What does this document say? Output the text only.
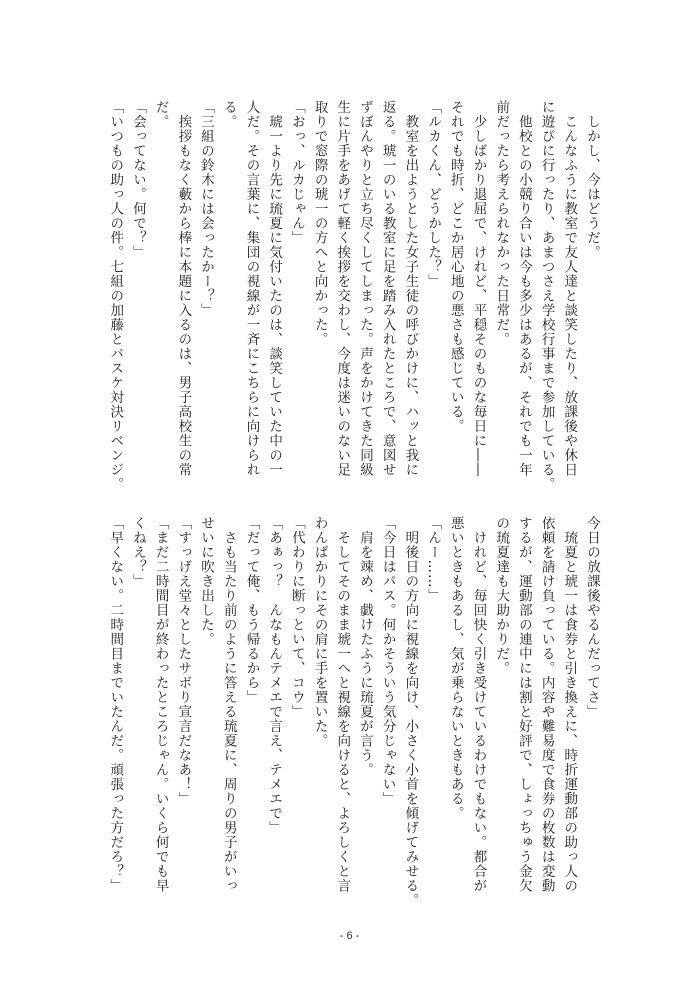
　しかし、今はどうだ。
　こんなふうに教室で友人達と談笑したり、放課後や休日
に遊びに行ったり、あまつさえ学校行事まで参加している。
　他校との小競り合いは今も多少はあるが、それでも一年
前だったら考えられなかった日常だ。
　少しばかり退屈で、けれど、平穏そのものな毎日に――
それでも時折、どこか居心地の悪さも感じている。
「ルカくん、どうかした？」
　教室を出ようとした女子生徒の呼びかけに、ハッと我に
返る。琥一のいる教室に足を踏み入れたところで、意図せ
ずぼんやりと立ち尽くしてしまった。声をかけてきた同級
生に片手をあげて軽く挨拶を交わし、今度は迷いのない足
取りで窓際の琥一の方へと向かった。
「おっ、ルカじゃん」
　琥一より先に琉夏に気付いたのは、談笑していた中の一
人だ。その言葉に、集団の視線が一斉にこちらに向けられ
る。
「三組の鈴木には会ったかー？」
　挨拶もなく藪から棒に本題に入るのは、男子高校生の常
だ。
「会ってない。何で？」
「いつもの助っ人の件。七組の加藤とバスケ対決リベンジ。
今日の放課後やるんだってさ」
　琉夏と琥一は食券と引き換えに、時折運動部の助っ人の
依頼を請け負っている。内容や難易度で食券の枚数は変動
するが、運動部の連中には割と好評で、しょっちゅう金欠
の琉夏達も大助かりだ。
　けれど、毎回快く引き受けているわけでもない。都合が
悪いときもあるし、気が乗らないときもある。
「んー……」
　明後日の方向に視線を向け、小さく小首を傾げてみせる。
「今日はパス。何かそういう気分じゃない」
　肩を竦め、戯けたふうに琉夏が言う。
　そしてそのまま琥一へと視線を向けると、よろしくと言
わんばかりにその肩に手を置いた。
「代わりに断っといて、コウ」
「あぁっ？　んなもんテメエで言え、テメエで」
「だって俺、もう帰るから」
　さも当たり前のように答える琉夏に、周りの男子がいっ
せいに吹き出した。
「すっげえ堂々としたサボり宣言だなあ！」
「まだ二時間目が終わったところじゃん。いくら何でも早
くねえ？」
「早くない。二時間目までいたんだ。頑張った方だろ？」
- 6 -
